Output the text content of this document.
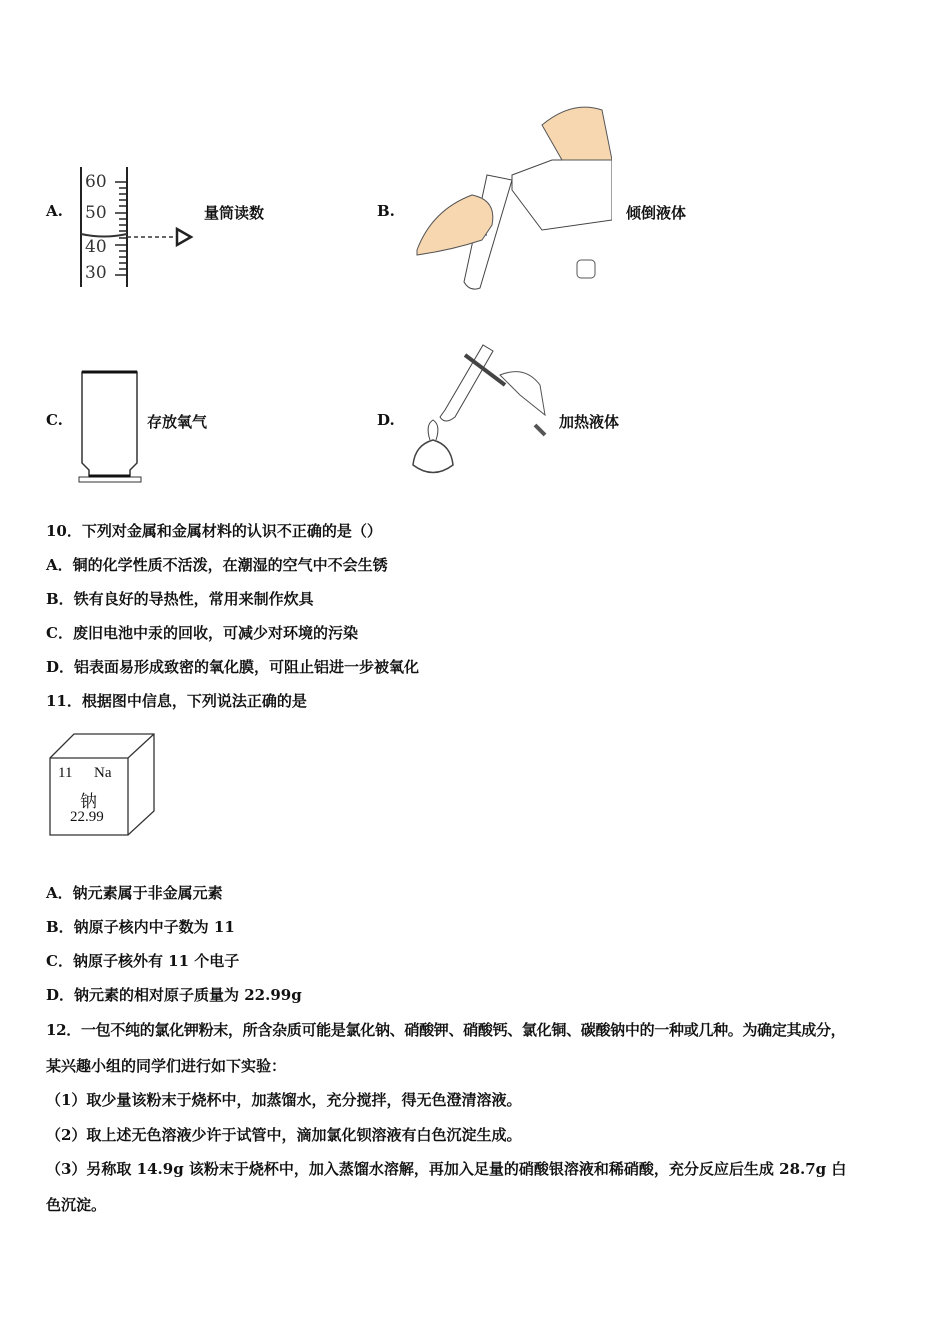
A.
60
50
40
30
量筒读数	B.	倾倒液体
C.	存放氧气	D.	加热液体
10．下列对金属和金属材料的认识不正确的是（）
A．铜的化学性质不活泼，在潮湿的空气中不会生锈
B．铁有良好的导热性，常用来制作炊具
C．废旧电池中汞的回收，可减少对环境的污染
D．铝表面易形成致密的氧化膜，可阻止铝进一步被氧化
11．根据图中信息，下列说法正确的是
11 Na
钠
22.99
A．钠元素属于非金属元素
B．钠原子核内中子数为 11
C．钠原子核外有 11 个电子
D．钠元素的相对原子质量为 22.99g
12．一包不纯的氯化钾粉末，所含杂质可能是氯化钠、硝酸钾、硝酸钙、氯化铜、碳酸钠中的一种或几种。为确定其成分，
某兴趣小组的同学们进行如下实验：
（1）取少量该粉末于烧杯中，加蒸馏水，充分搅拌，得无色澄清溶液。
（2）取上述无色溶液少许于试管中，滴加氯化钡溶液有白色沉淀生成。
（3）另称取 14.9g 该粉末于烧杯中，加入蒸馏水溶解，再加入足量的硝酸银溶液和稀硝酸，充分反应后生成 28.7g 白
色沉淀。
